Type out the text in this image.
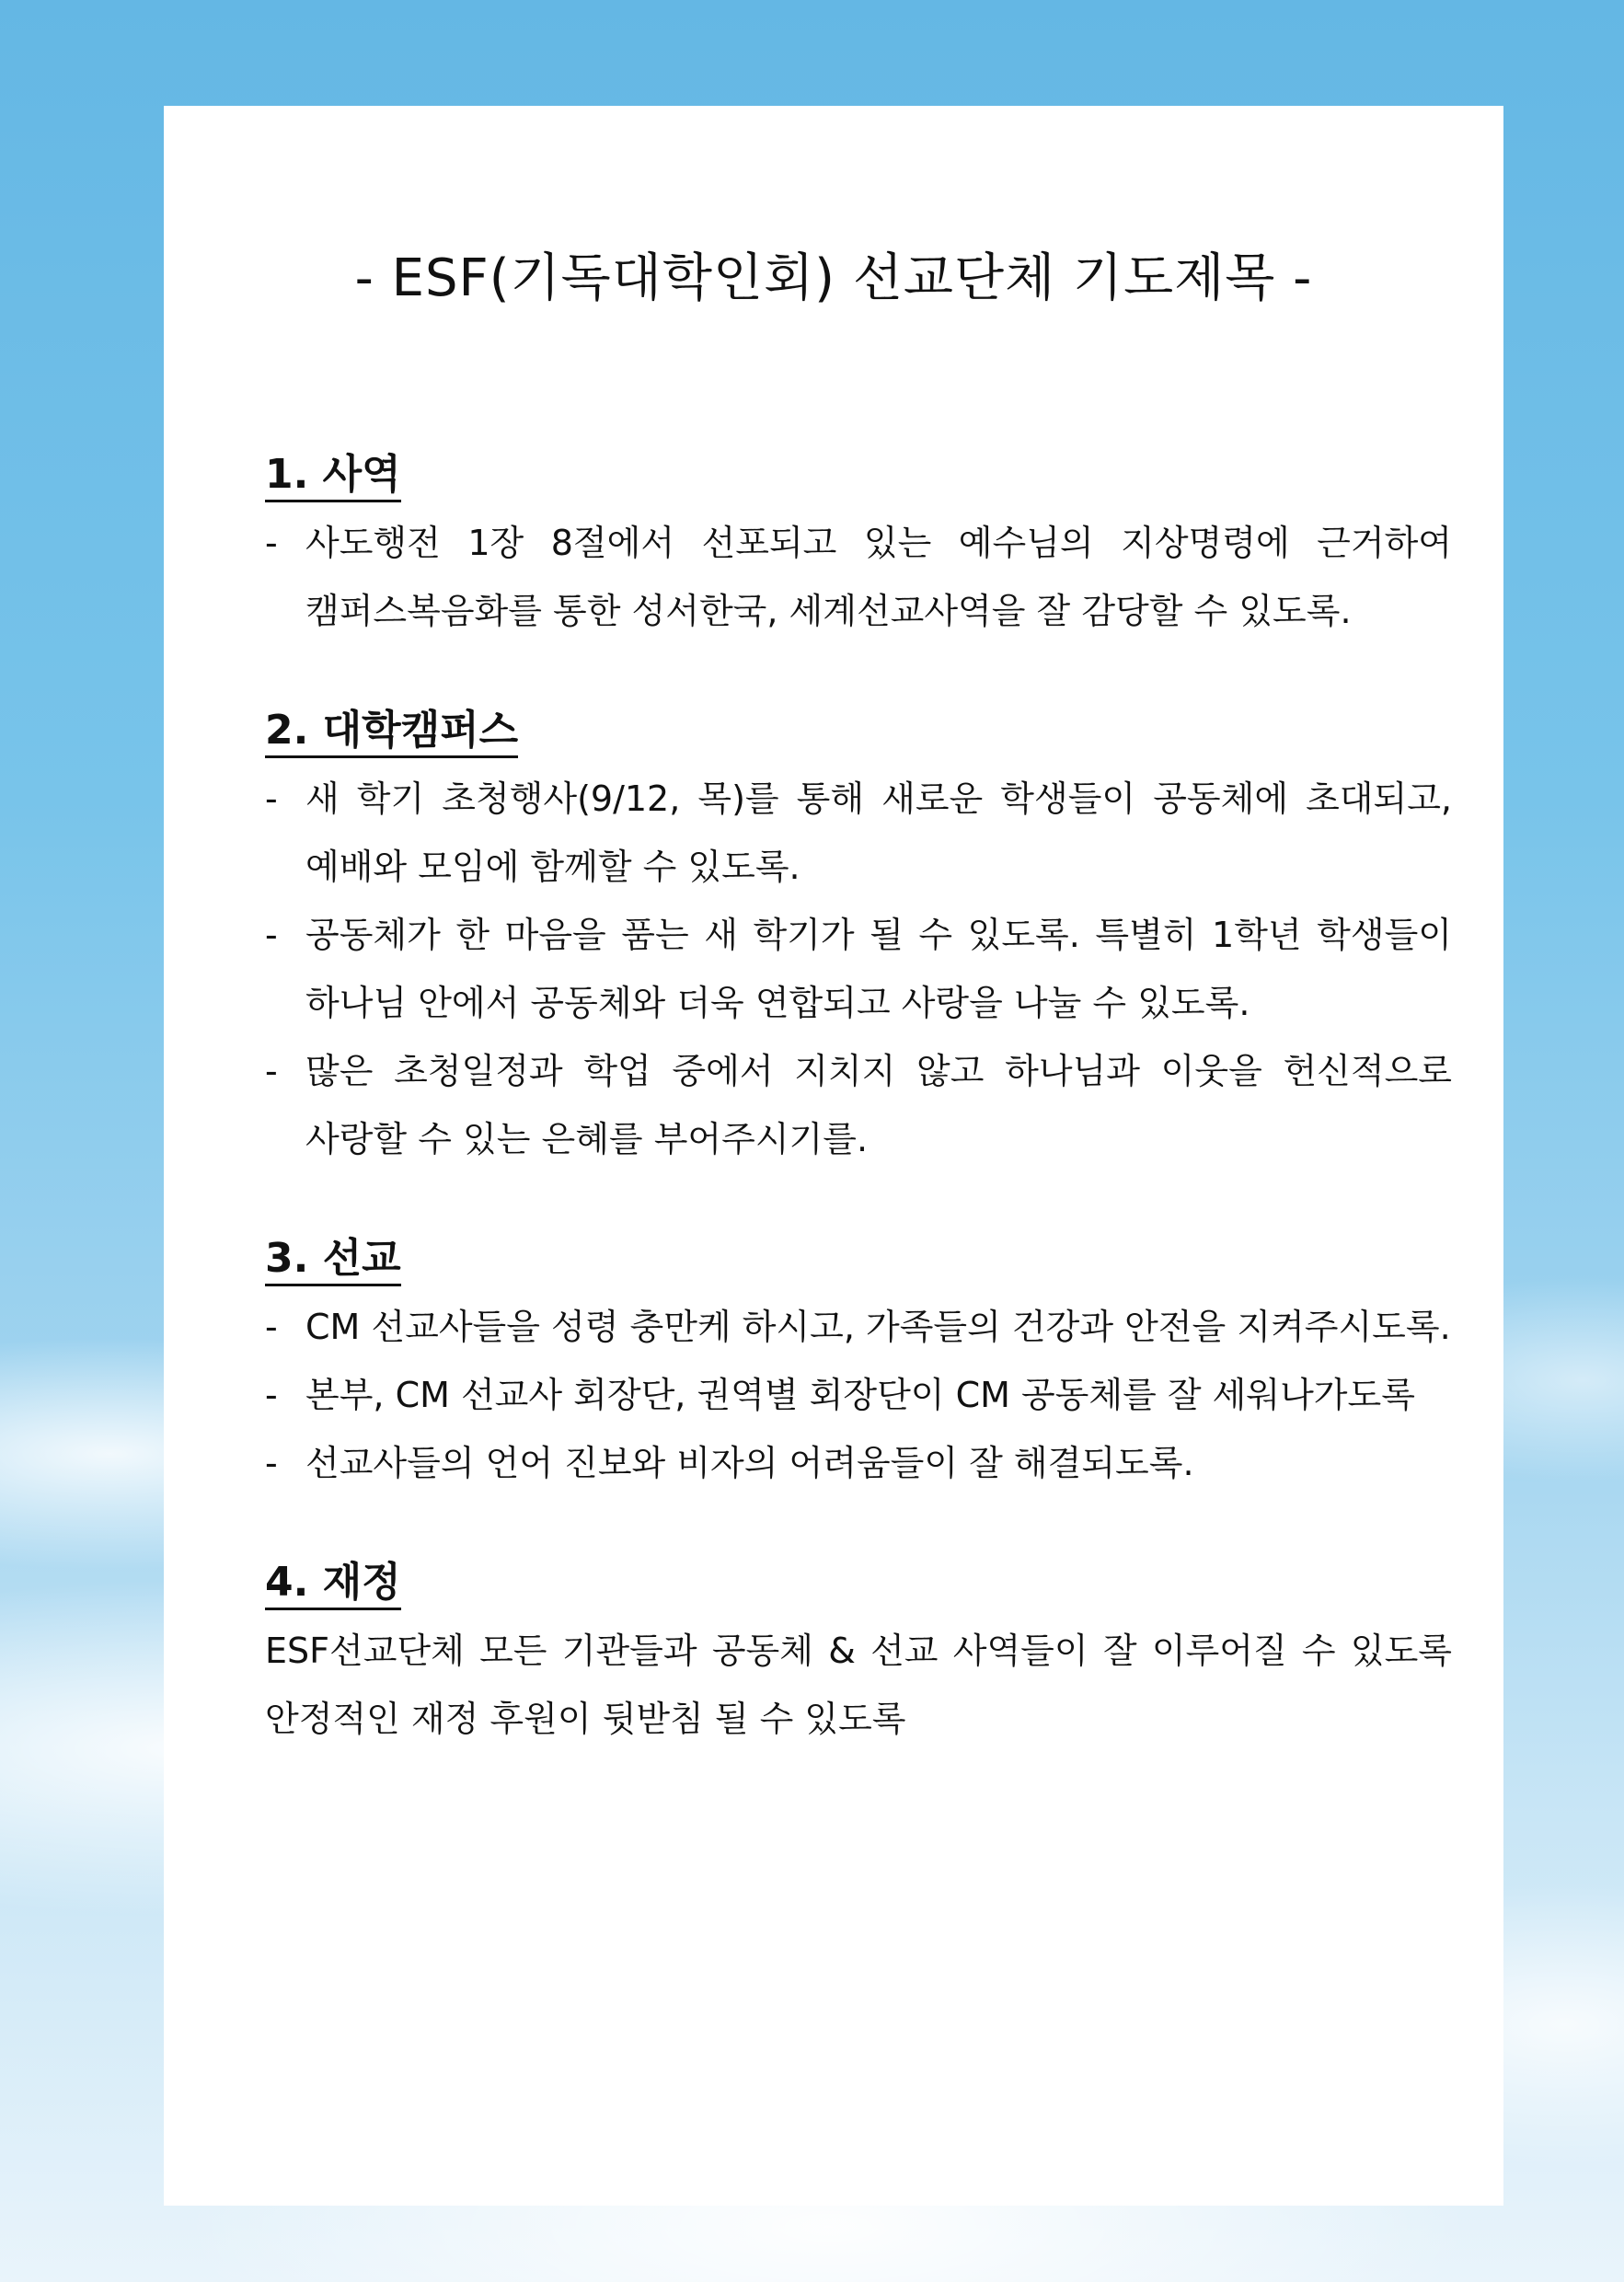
- ESF(기독대학인회) 선교단체 기도제목 -
1. 사역
- 사도행전 1장 8절에서 선포되고 있는 예수님의 지상명령에 근거하여 캠퍼스복음화를 통한 성서한국, 세계선교사역을 잘 감당할 수 있도록.
2. 대학캠퍼스
- 새 학기 초청행사(9/12, 목)를 통해 새로운 학생들이 공동체에 초대되고, 예배와 모임에 함께할 수 있도록.
- 공동체가 한 마음을 품는 새 학기가 될 수 있도록. 특별히 1학년 학생들이 하나님 안에서 공동체와 더욱 연합되고 사랑을 나눌 수 있도록.
- 많은 초청일정과 학업 중에서 지치지 않고 하나님과 이웃을 헌신적으로 사랑할 수 있는 은혜를 부어주시기를.
3. 선교
- CM 선교사들을 성령 충만케 하시고, 가족들의 건강과 안전을 지켜주시도록.
- 본부, CM 선교사 회장단, 권역별 회장단이 CM 공동체를 잘 세워나가도록
- 선교사들의 언어 진보와 비자의 어려움들이 잘 해결되도록.
4. 재정
ESF선교단체 모든 기관들과 공동체 & 선교 사역들이 잘 이루어질 수 있도록 안정적인 재정 후원이 뒷받침 될 수 있도록
